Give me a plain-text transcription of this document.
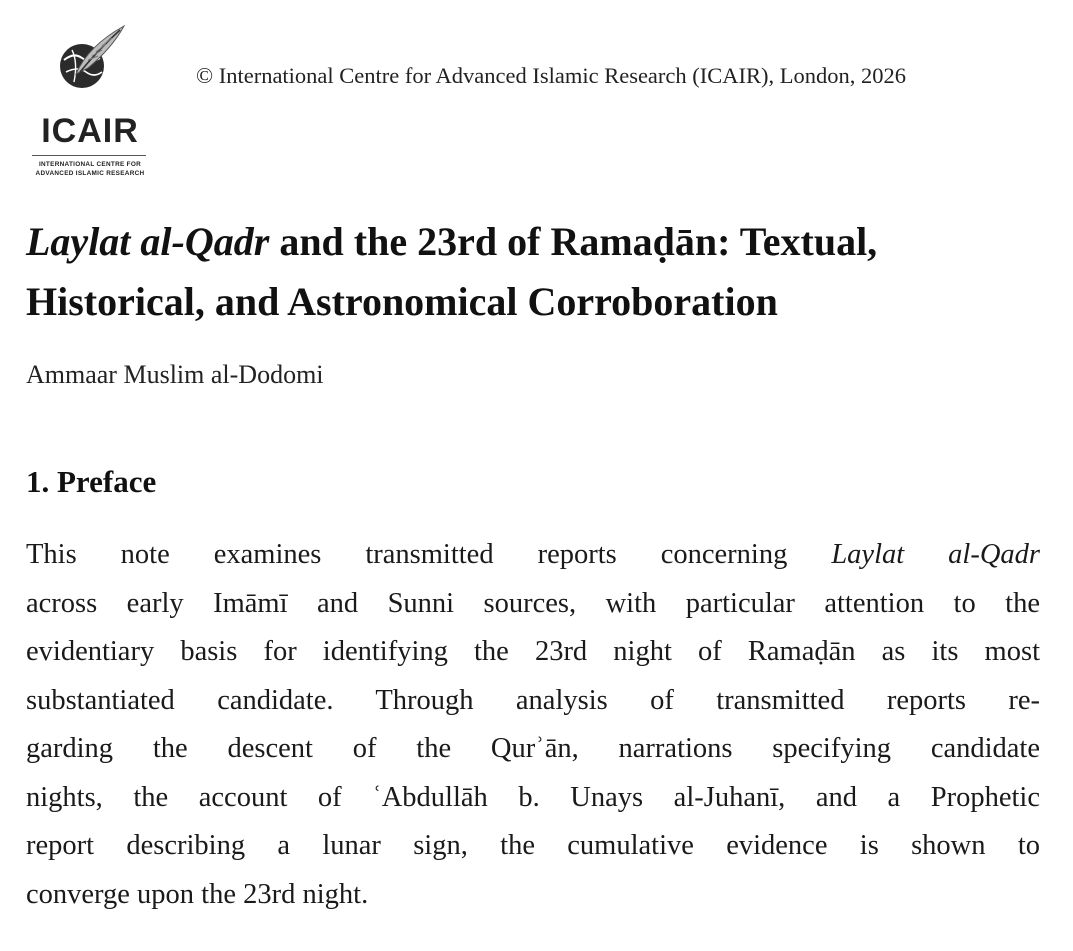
ICAIR
INTERNATIONAL CENTRE FOR
ADVANCED ISLAMIC RESEARCH
© International Centre for Advanced Islamic Research (ICAIR), London, 2026
Laylat al-Qadr and the 23rd of Ramaḍān: Textual,
Historical, and Astronomical Corroboration
Ammaar Muslim al-Dodomi
1. Preface
This note examines transmitted reports concerning Laylat al-Qadr
across early Imāmī and Sunni sources, with particular attention to the
evidentiary basis for identifying the 23rd night of Ramaḍān as its most
substantiated candidate. Through analysis of transmitted reports re-
garding the descent of the Qurʾān, narrations specifying candidate
nights, the account of ʿAbdullāh b. Unays al-Juhanī, and a Prophetic
report describing a lunar sign, the cumulative evidence is shown to
converge upon the 23rd night.
